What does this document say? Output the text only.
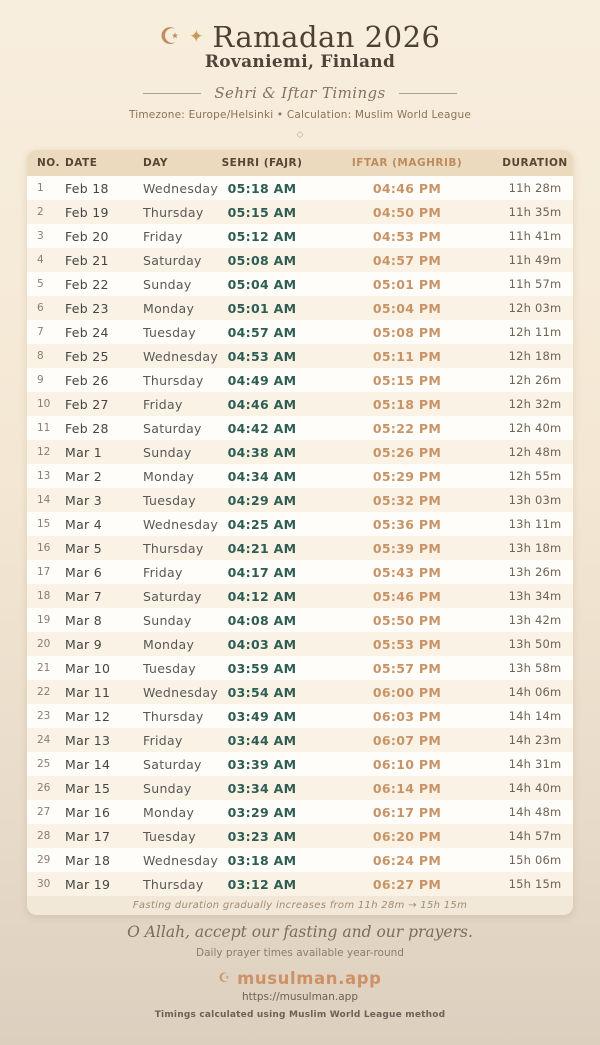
☪ ✦ Ramadan 2026
Rovaniemi, Finland
Sehri & Iftar Timings
Timezone: Europe/Helsinki • Calculation: Muslim World League
◇
NO. DATE	DAY	SEHRI (FAJR)	IFTAR (MAGHRIB)	DURATION
1	Feb 18	Wednesday 05:18 AM	04:46 PM	11h 28m
2	Feb 19	Thursday	05:15 AM	04:50 PM	11h 35m
3	Feb 20	Friday	05:12 AM	04:53 PM	11h 41m
4	Feb 21	Saturday	05:08 AM	04:57 PM	11h 49m
5	Feb 22	Sunday	05:04 AM	05:01 PM	11h 57m
6	Feb 23	Monday	05:01 AM	05:04 PM	12h 03m
7	Feb 24	Tuesday	04:57 AM	05:08 PM	12h 11m
8	Feb 25	Wednesday 04:53 AM	05:11 PM	12h 18m
9	Feb 26	Thursday	04:49 AM	05:15 PM	12h 26m
10	Feb 27	Friday	04:46 AM	05:18 PM	12h 32m
11	Feb 28	Saturday	04:42 AM	05:22 PM	12h 40m
12	Mar 1	Sunday	04:38 AM	05:26 PM	12h 48m
13	Mar 2	Monday	04:34 AM	05:29 PM	12h 55m
14	Mar 3	Tuesday	04:29 AM	05:32 PM	13h 03m
15	Mar 4	Wednesday 04:25 AM	05:36 PM	13h 11m
16	Mar 5	Thursday	04:21 AM	05:39 PM	13h 18m
17	Mar 6	Friday	04:17 AM	05:43 PM	13h 26m
18	Mar 7	Saturday	04:12 AM	05:46 PM	13h 34m
19	Mar 8	Sunday	04:08 AM	05:50 PM	13h 42m
20	Mar 9	Monday	04:03 AM	05:53 PM	13h 50m
21	Mar 10	Tuesday	03:59 AM	05:57 PM	13h 58m
22	Mar 11	Wednesday 03:54 AM	06:00 PM	14h 06m
23	Mar 12	Thursday	03:49 AM	06:03 PM	14h 14m
24	Mar 13	Friday	03:44 AM	06:07 PM	14h 23m
25	Mar 14	Saturday	03:39 AM	06:10 PM	14h 31m
26	Mar 15	Sunday	03:34 AM	06:14 PM	14h 40m
27	Mar 16	Monday	03:29 AM	06:17 PM	14h 48m
28	Mar 17	Tuesday	03:23 AM	06:20 PM	14h 57m
29	Mar 18	Wednesday 03:18 AM	06:24 PM	15h 06m
30	Mar 19	Thursday	03:12 AM	06:27 PM	15h 15m
Fasting duration gradually increases from 11h 28m → 15h 15m
O Allah, accept our fasting and our prayers.
Daily prayer times available year-round
☪ musulman.app
https://musulman.app
Timings calculated using Muslim World League method
